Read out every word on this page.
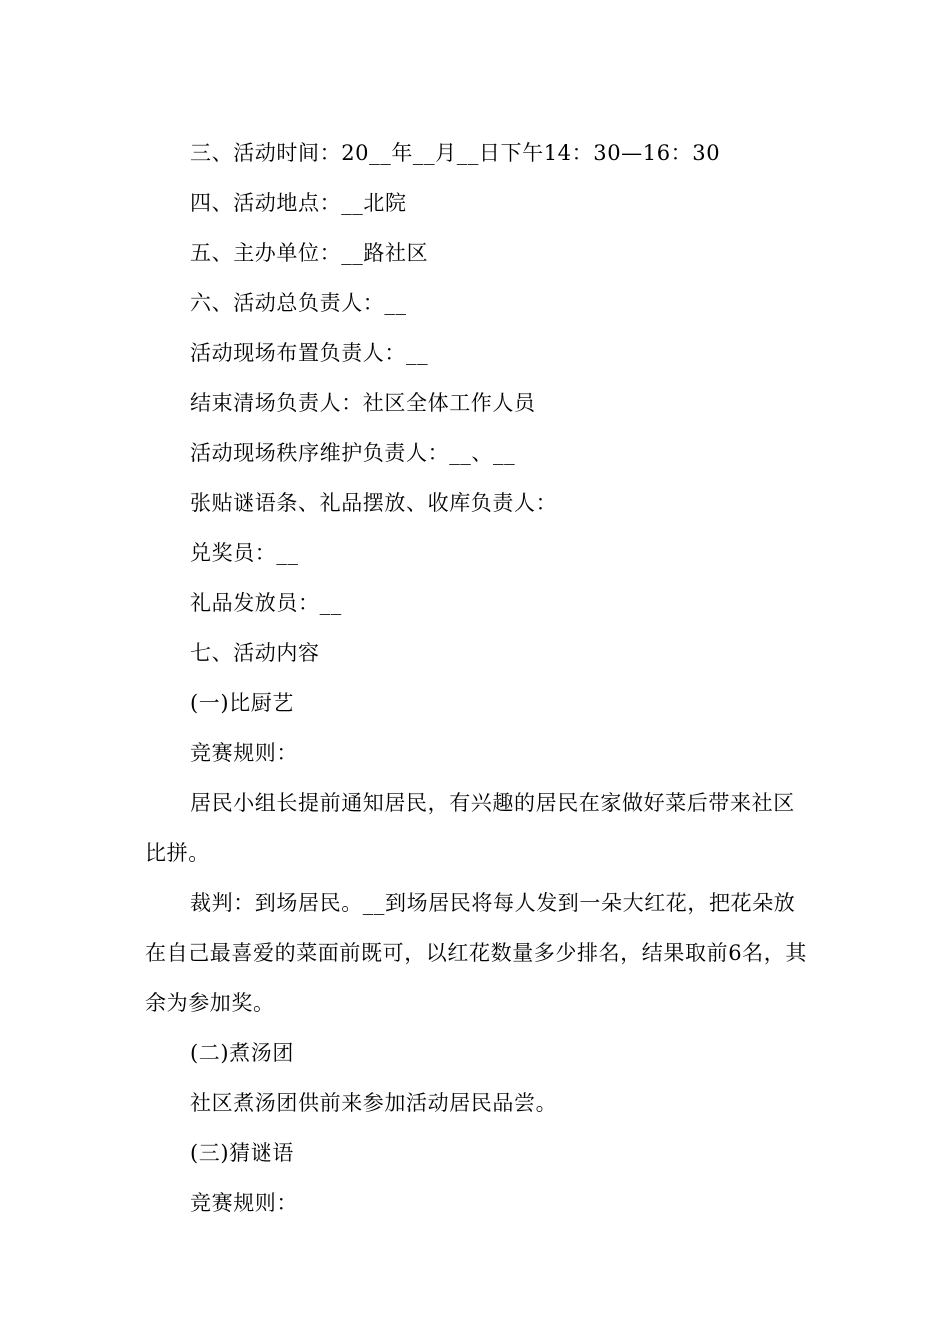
三、活动时间：20__年__月__日下午14：30—16：30

四、活动地点：__北院

五、主办单位：__路社区

六、活动总负责人：__

活动现场布置负责人：__

结束清场负责人：社区全体工作人员

活动现场秩序维护负责人：__、__

张贴谜语条、礼品摆放、收库负责人：

兑奖员：__

礼品发放员：__

七、活动内容

(一)比厨艺

竞赛规则：

居民小组长提前通知居民，有兴趣的居民在家做好菜后带来社区比拼。

裁判：到场居民。__到场居民将每人发到一朵大红花，把花朵放在自己最喜爱的菜面前既可，以红花数量多少排名，结果取前6名，其余为参加奖。

(二)煮汤团

社区煮汤团供前来参加活动居民品尝。

(三)猜谜语

竞赛规则：
